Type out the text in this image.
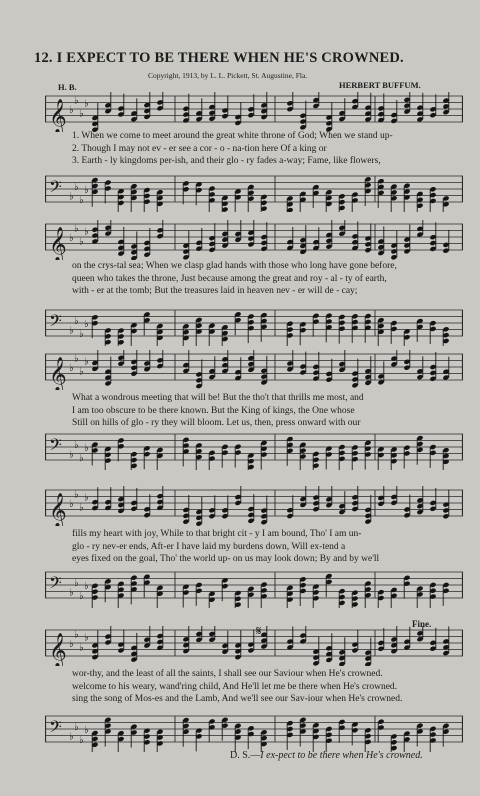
12. I EXPECT TO BE THERE WHEN HE'S CROWNED.
Copyright, 1913, by L. L. Pickett, St. Augustine, Fla.
H. B.	HERBERT BUFFUM.
𝄞 ♭
♭
♭
♭
𝄢 ♭
♭
♭
♭
1. When we come to meet around the great white throne of God; When we stand up-
2. Though I may not ev - er see a cor - o - na-tion here Of a king or
3. Earth - ly kingdoms per-ish, and their glo - ry fades a-way; Fame, like flowers,
𝄞 ♭
♭
♭
♭
𝄢 ♭
♭
♭
♭
on the crys-tal sea; When we clasp glad hands with those who long have gone before,
queen who takes the throne, Just because among the great and roy - al - ty of earth,
with - er at the tomb; But the treasures laid in heaven nev - er will de - cay;
𝄞 ♭
♭
♭
♭
𝄢 ♭
♭
♭
♭
What a wondrous meeting that will be! But the tho't that thrills me most, and
I am too obscure to be there known. But the King of kings, the One whose
Still on hills of glo - ry they will bloom. Let us, then, press onward with our
𝄞 ♭
♭
♭
♭
𝄢 ♭
♭
♭
♭
fills my heart with joy, While to that bright cit - y I am bound, Tho' I am un-
glo - ry nev-er ends, Aft-er I have laid my burdens down, Will ex-tend a
eyes fixed on the goal, Tho' the world up- on us may look down; By and by we'll
𝄞 ♭
♭
♭
♭
𝄢 ♭
♭
♭
♭
wor-thy, and the least of all the saints, I shall see our Saviour when He's crowned.
welcome to his weary, wand'ring child, And He'll let me be there when He's crowned.
sing the song of Mos-es and the Lamb, And we'll see our Sav-iour when He's crowned.
𝄋	Fine.
D. S.—I ex-pect to be there when He's crowned.
